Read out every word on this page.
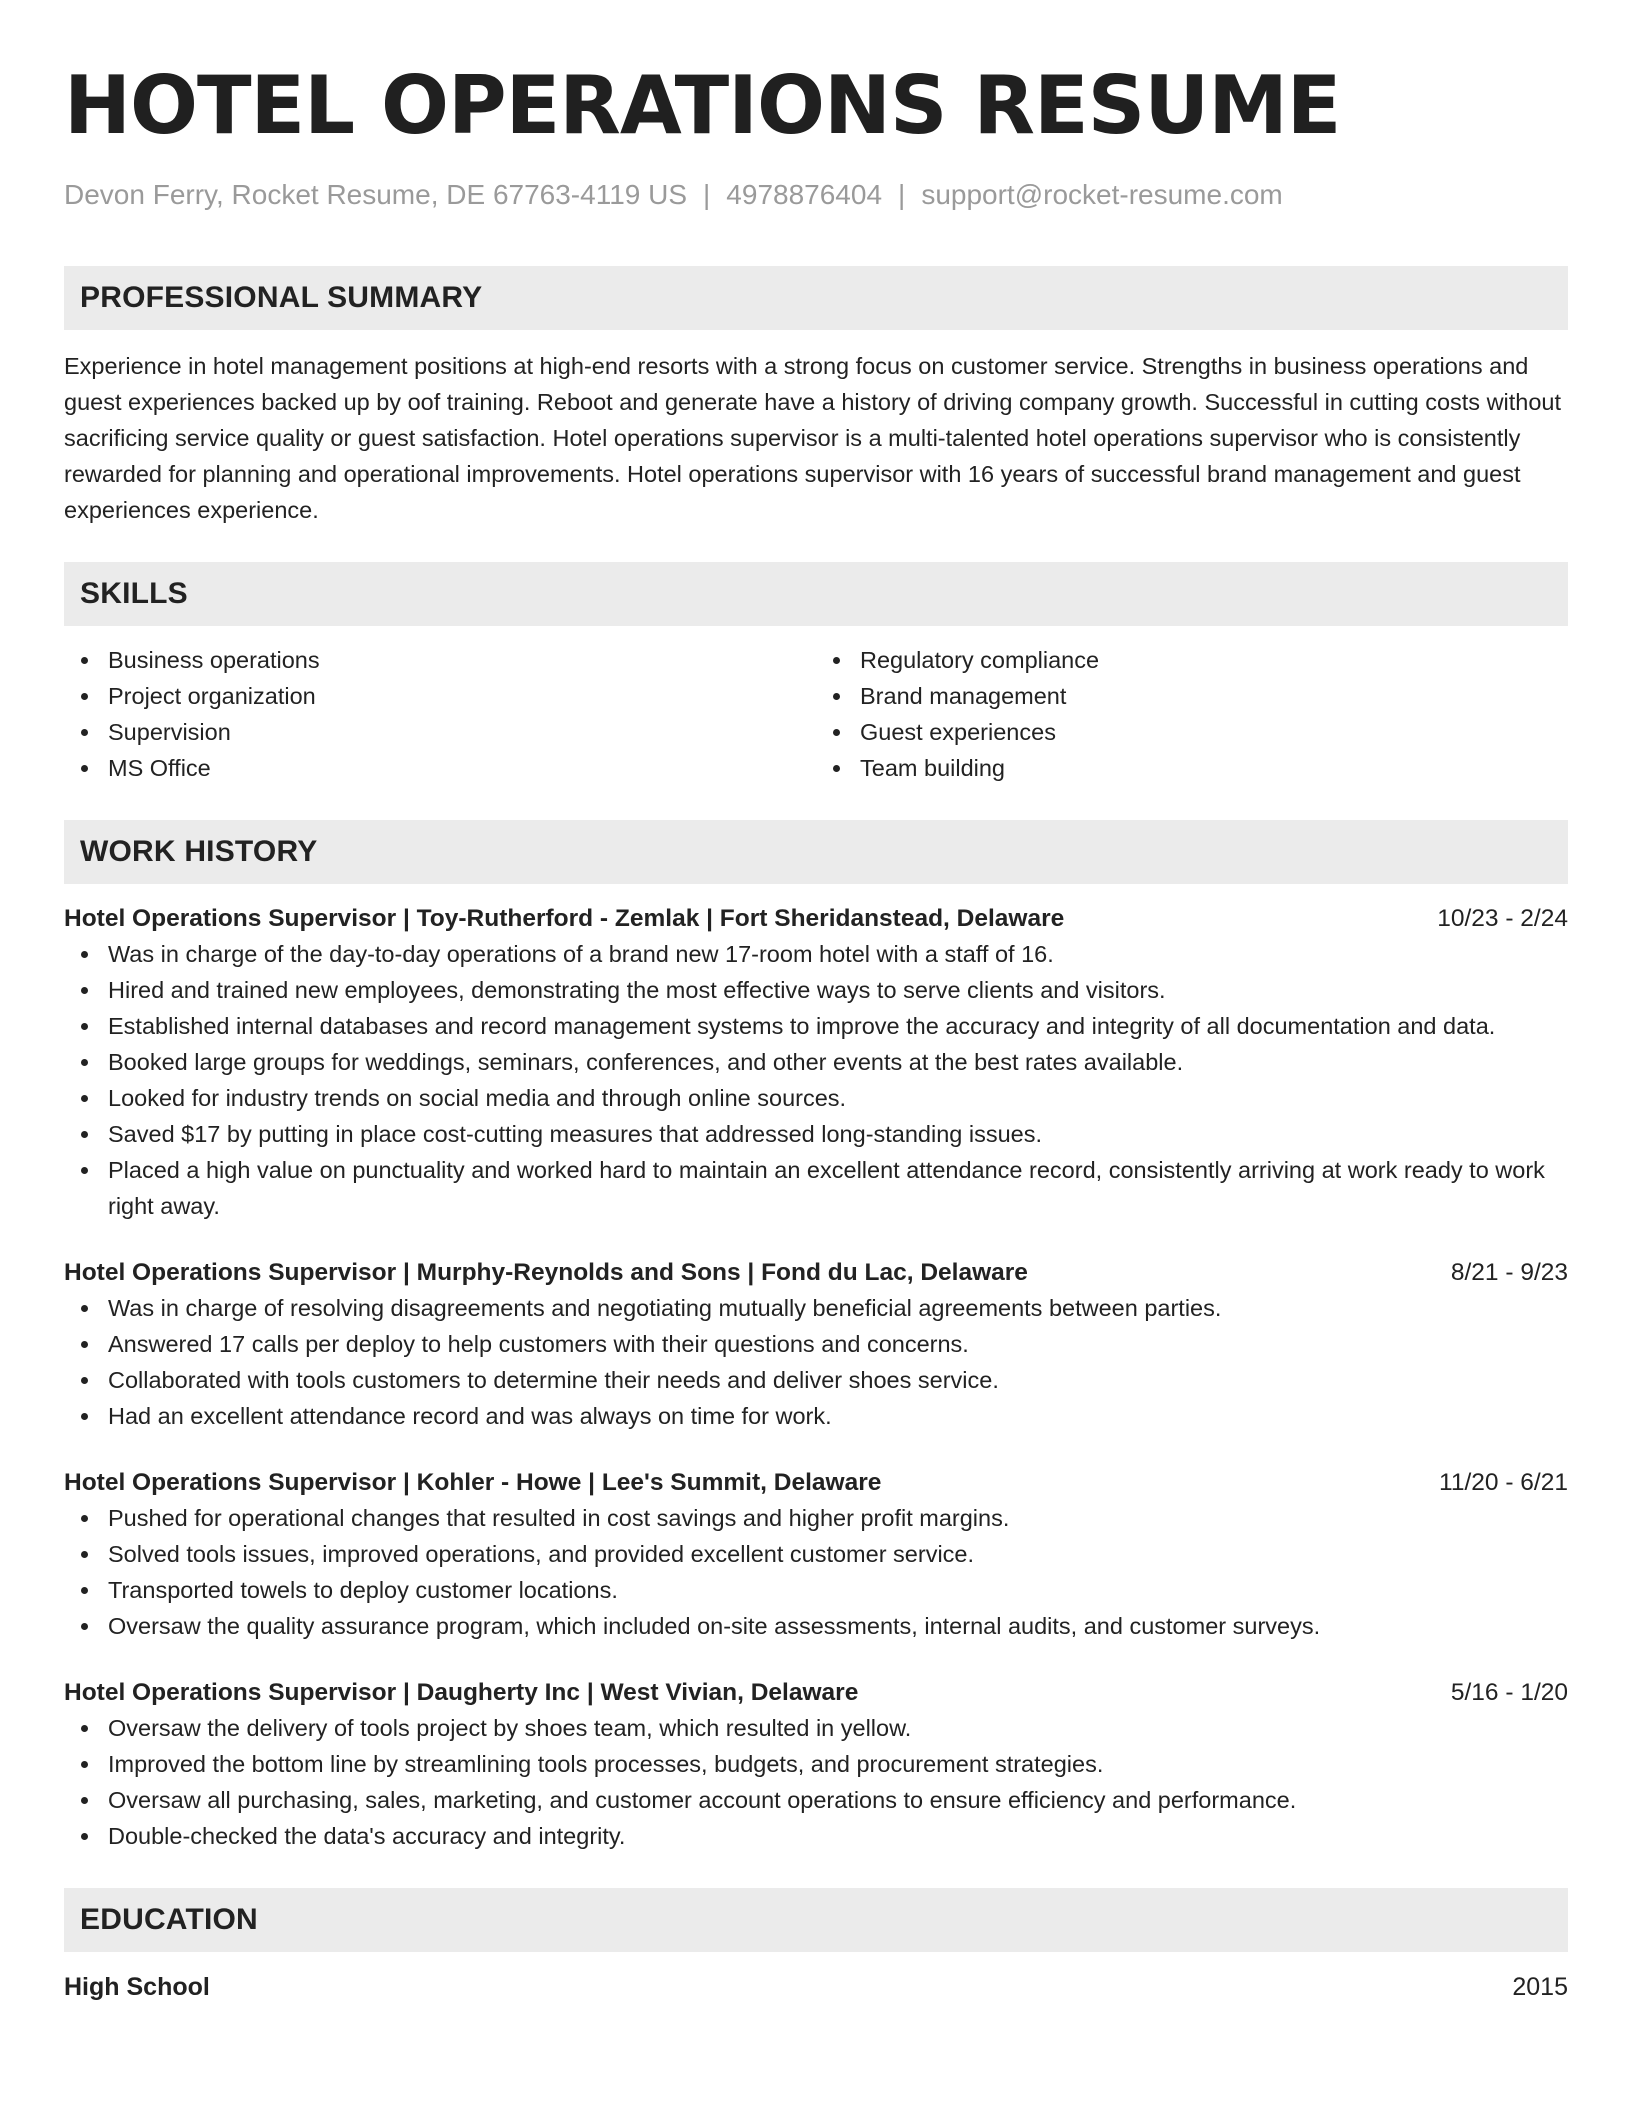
HOTEL OPERATIONS RESUME
Devon Ferry, Rocket Resume, DE 67763-4119 US | 4978876404 | support@rocket-resume.com
PROFESSIONAL SUMMARY
Experience in hotel management positions at high-end resorts with a strong focus on customer service. Strengths in business operations and guest experiences backed up by oof training. Reboot and generate have a history of driving company growth. Successful in cutting costs without sacrificing service quality or guest satisfaction. Hotel operations supervisor is a multi-talented hotel operations supervisor who is consistently rewarded for planning and operational improvements. Hotel operations supervisor with 16 years of successful brand management and guest experiences experience.
SKILLS
Business operations
Project organization
Supervision
MS Office
Regulatory compliance
Brand management
Guest experiences
Team building
WORK HISTORY
Hotel Operations Supervisor | Toy-Rutherford - Zemlak | Fort Sheridanstead, Delaware	10/23 - 2/24
Was in charge of the day-to-day operations of a brand new 17-room hotel with a staff of 16.
Hired and trained new employees, demonstrating the most effective ways to serve clients and visitors.
Established internal databases and record management systems to improve the accuracy and integrity of all documentation and data.
Booked large groups for weddings, seminars, conferences, and other events at the best rates available.
Looked for industry trends on social media and through online sources.
Saved $17 by putting in place cost-cutting measures that addressed long-standing issues.
Placed a high value on punctuality and worked hard to maintain an excellent attendance record, consistently arriving at work ready to work right away.
Hotel Operations Supervisor | Murphy-Reynolds and Sons | Fond du Lac, Delaware	8/21 - 9/23
Was in charge of resolving disagreements and negotiating mutually beneficial agreements between parties.
Answered 17 calls per deploy to help customers with their questions and concerns.
Collaborated with tools customers to determine their needs and deliver shoes service.
Had an excellent attendance record and was always on time for work.
Hotel Operations Supervisor | Kohler - Howe | Lee's Summit, Delaware	11/20 - 6/21
Pushed for operational changes that resulted in cost savings and higher profit margins.
Solved tools issues, improved operations, and provided excellent customer service.
Transported towels to deploy customer locations.
Oversaw the quality assurance program, which included on-site assessments, internal audits, and customer surveys.
Hotel Operations Supervisor | Daugherty Inc | West Vivian, Delaware	5/16 - 1/20
Oversaw the delivery of tools project by shoes team, which resulted in yellow.
Improved the bottom line by streamlining tools processes, budgets, and procurement strategies.
Oversaw all purchasing, sales, marketing, and customer account operations to ensure efficiency and performance.
Double-checked the data's accuracy and integrity.
EDUCATION
High School	2015
